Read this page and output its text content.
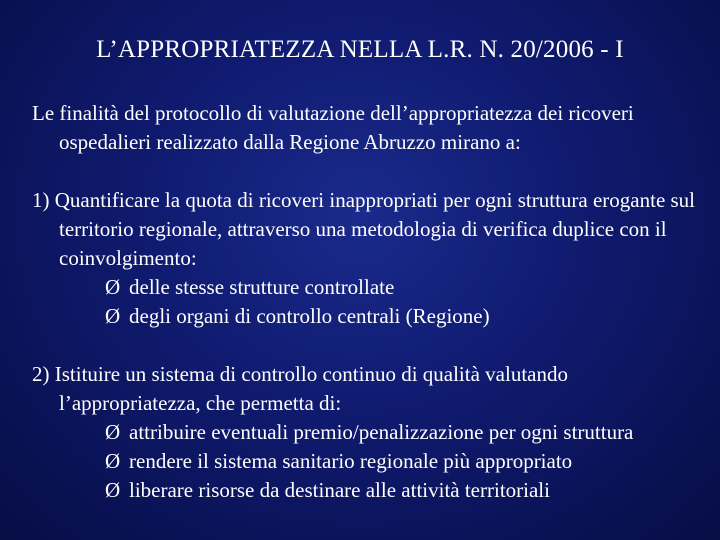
L’APPROPRIATEZZA NELLA L.R. N. 20/2006 - I

Le finalità del protocollo di valutazione dell’appropriatezza dei ricoveri ospedalieri realizzato dalla Regione Abruzzo mirano a:

1) Quantificare la quota di ricoveri inappropriati per ogni struttura erogante sul territorio regionale, attraverso una metodologia di verifica duplice con il coinvolgimento:

Ø delle stesse strutture controllate
Ø degli organi di controllo centrali (Regione)

2) Istituire un sistema di controllo continuo di qualità valutando l’appropriatezza, che permetta di:

Ø attribuire eventuali premio/penalizzazione per ogni struttura
Ø rendere il sistema sanitario regionale più appropriato
Ø liberare risorse da destinare alle attività territoriali
